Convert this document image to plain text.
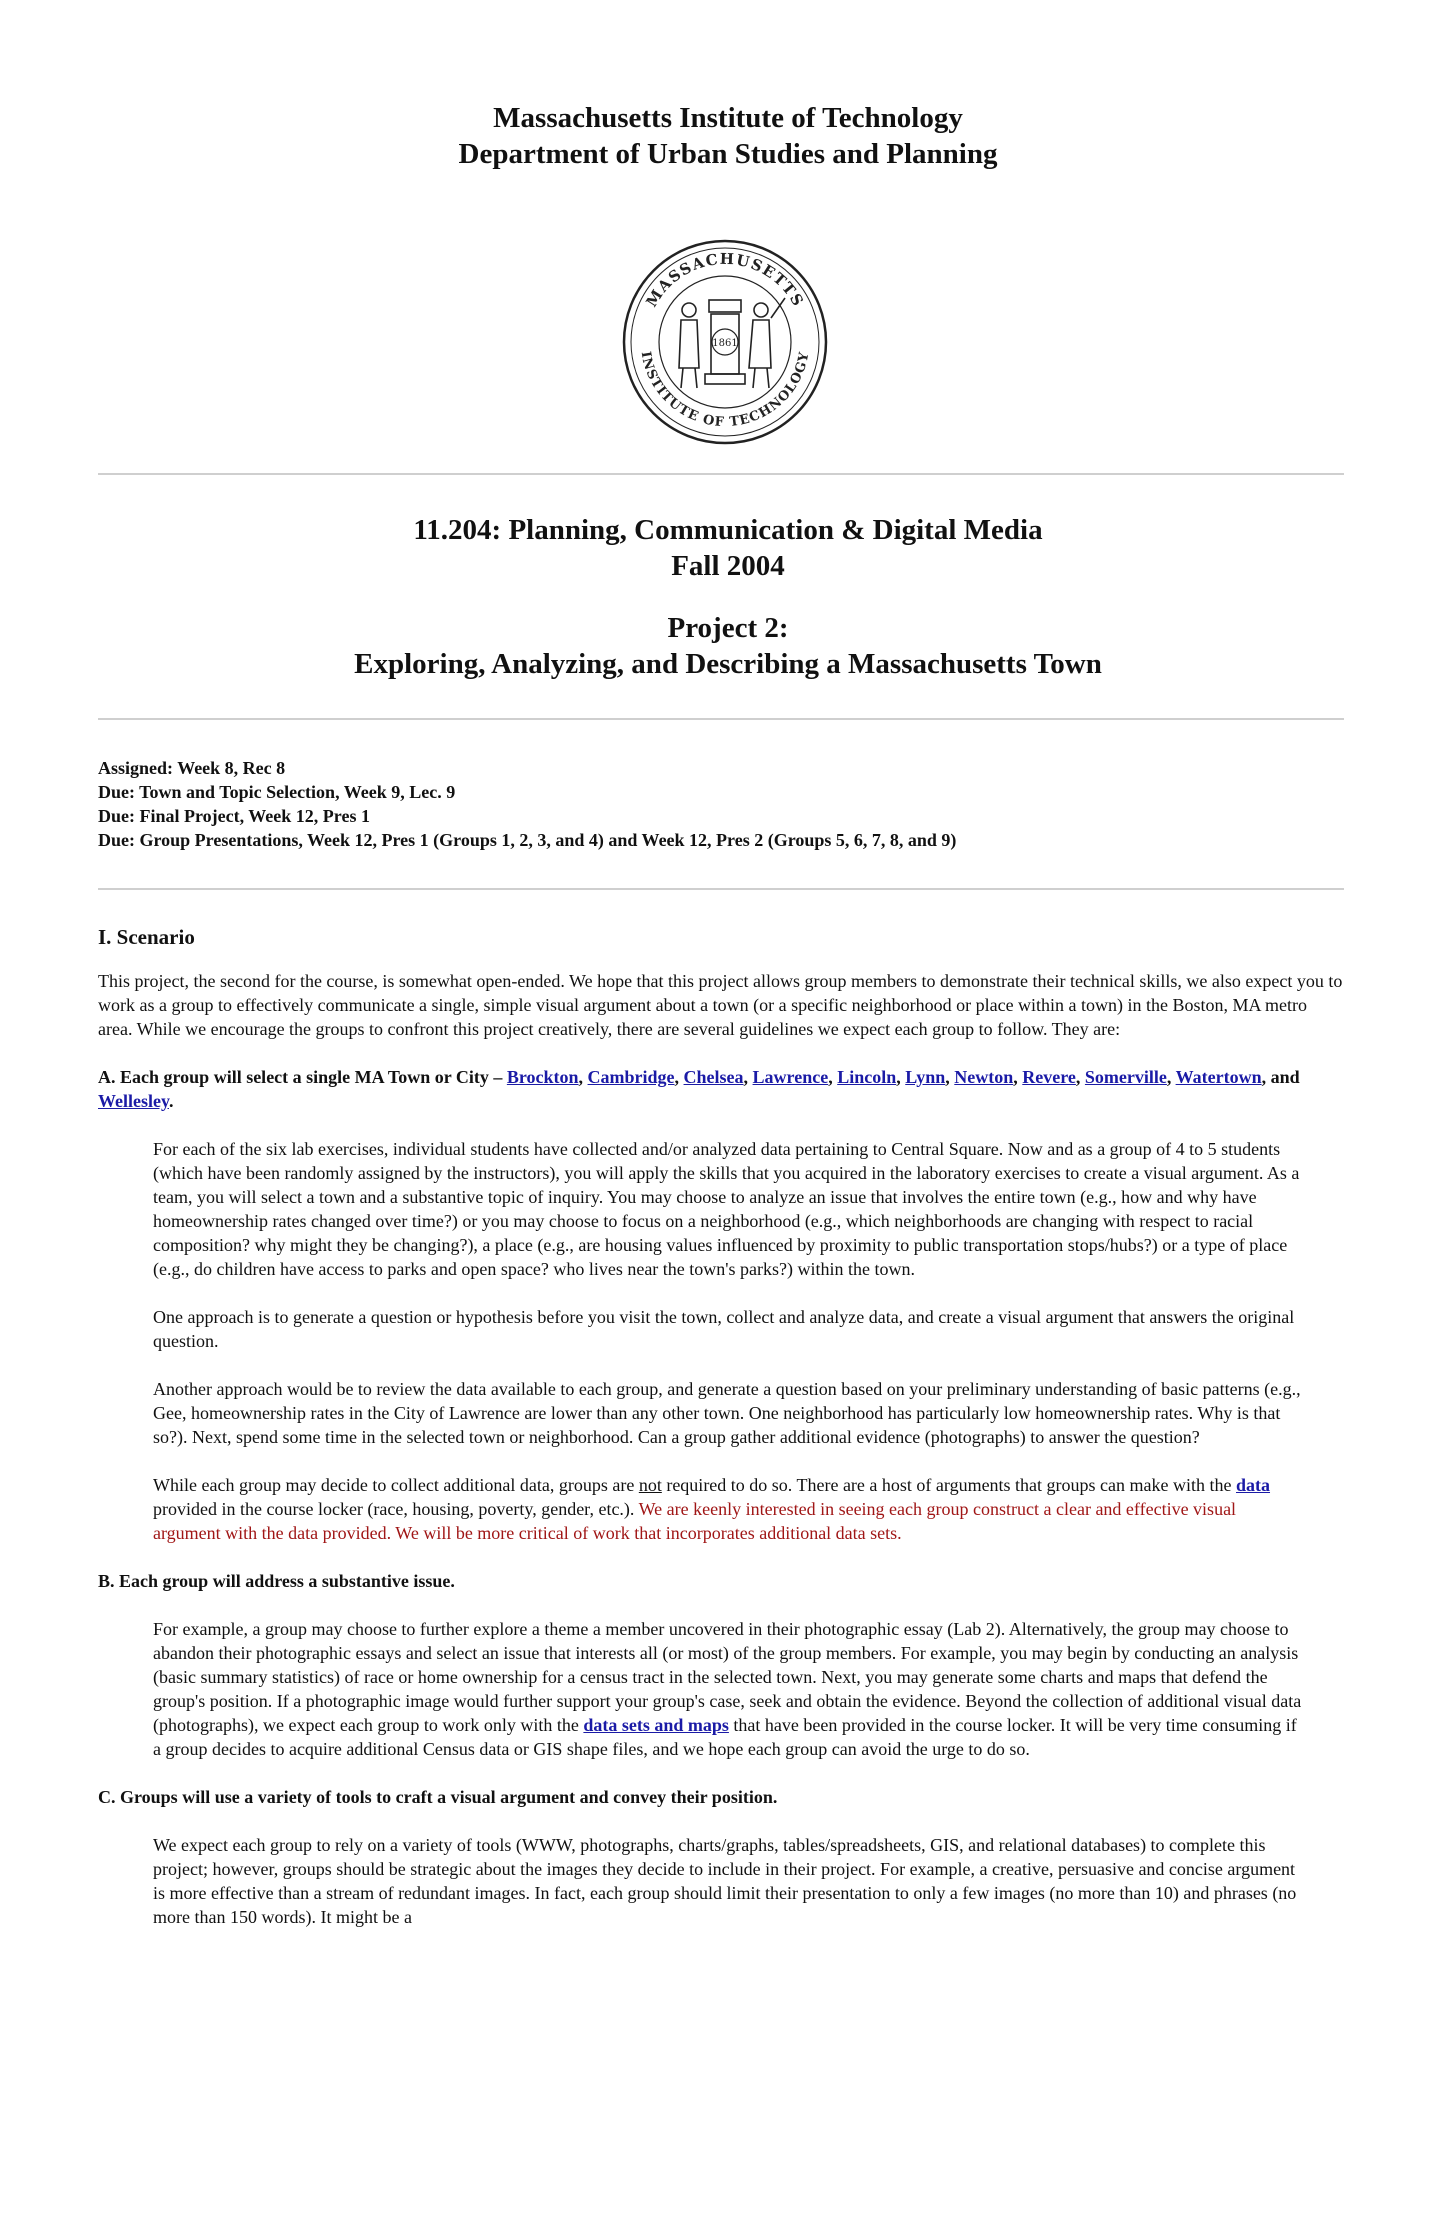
Massachusetts Institute of Technology

Department of Urban Studies and Planning

MASSACHUSETTS
INSTITUTE OF TECHNOLOGY
1861

11.204: Planning, Communication & Digital Media

Fall 2004

Project 2:

Exploring, Analyzing, and Describing a Massachusetts Town

Assigned: Week 8, Rec 8
Due: Town and Topic Selection, Week 9, Lec. 9
Due: Final Project, Week 12, Pres 1
Due: Group Presentations, Week 12, Pres 1 (Groups 1, 2, 3, and 4) and Week 12, Pres 2 (Groups 5, 6, 7, 8, and 9)
I. Scenario

This project, the second for the course, is somewhat open-ended. We hope that this project allows group members to demonstrate their technical skills, we also expect you to work as a group to effectively communicate a single, simple visual argument about a town (or a specific neighborhood or place within a town) in the Boston, MA metro area. While we encourage the groups to confront this project creatively, there are several guidelines we expect each group to follow. They are:

A. Each group will select a single MA Town or City – Brockton, Cambridge, Chelsea, Lawrence, Lincoln, Lynn, Newton, Revere, Somerville, Watertown, and Wellesley.

For each of the six lab exercises, individual students have collected and/or analyzed data pertaining to Central Square. Now and as a group of 4 to 5 students (which have been randomly assigned by the instructors), you will apply the skills that you acquired in the laboratory exercises to create a visual argument. As a team, you will select a town and a substantive topic of inquiry. You may choose to analyze an issue that involves the entire town (e.g., how and why have homeownership rates changed over time?) or you may choose to focus on a neighborhood (e.g., which neighborhoods are changing with respect to racial composition? why might they be changing?), a place (e.g., are housing values influenced by proximity to public transportation stops/hubs?) or a type of place (e.g., do children have access to parks and open space? who lives near the town's parks?) within the town.

One approach is to generate a question or hypothesis before you visit the town, collect and analyze data, and create a visual argument that answers the original question.

Another approach would be to review the data available to each group, and generate a question based on your preliminary understanding of basic patterns (e.g., Gee, homeownership rates in the City of Lawrence are lower than any other town. One neighborhood has particularly low homeownership rates. Why is that so?). Next, spend some time in the selected town or neighborhood. Can a group gather additional evidence (photographs) to answer the question?

While each group may decide to collect additional data, groups are not required to do so. There are a host of arguments that groups can make with the data provided in the course locker (race, housing, poverty, gender, etc.). We are keenly interested in seeing each group construct a clear and effective visual argument with the data provided. We will be more critical of work that incorporates additional data sets.

B. Each group will address a substantive issue.

For example, a group may choose to further explore a theme a member uncovered in their photographic essay (Lab 2). Alternatively, the group may choose to abandon their photographic essays and select an issue that interests all (or most) of the group members. For example, you may begin by conducting an analysis (basic summary statistics) of race or home ownership for a census tract in the selected town. Next, you may generate some charts and maps that defend the group's position. If a photographic image would further support your group's case, seek and obtain the evidence. Beyond the collection of additional visual data (photographs), we expect each group to work only with the data sets and maps that have been provided in the course locker. It will be very time consuming if a group decides to acquire additional Census data or GIS shape files, and we hope each group can avoid the urge to do so.

C. Groups will use a variety of tools to craft a visual argument and convey their position.

We expect each group to rely on a variety of tools (WWW, photographs, charts/graphs, tables/spreadsheets, GIS, and relational databases) to complete this project; however, groups should be strategic about the images they decide to include in their project. For example, a creative, persuasive and concise argument is more effective than a stream of redundant images. In fact, each group should limit their presentation to only a few images (no more than 10) and phrases (no more than 150 words). It might be a
